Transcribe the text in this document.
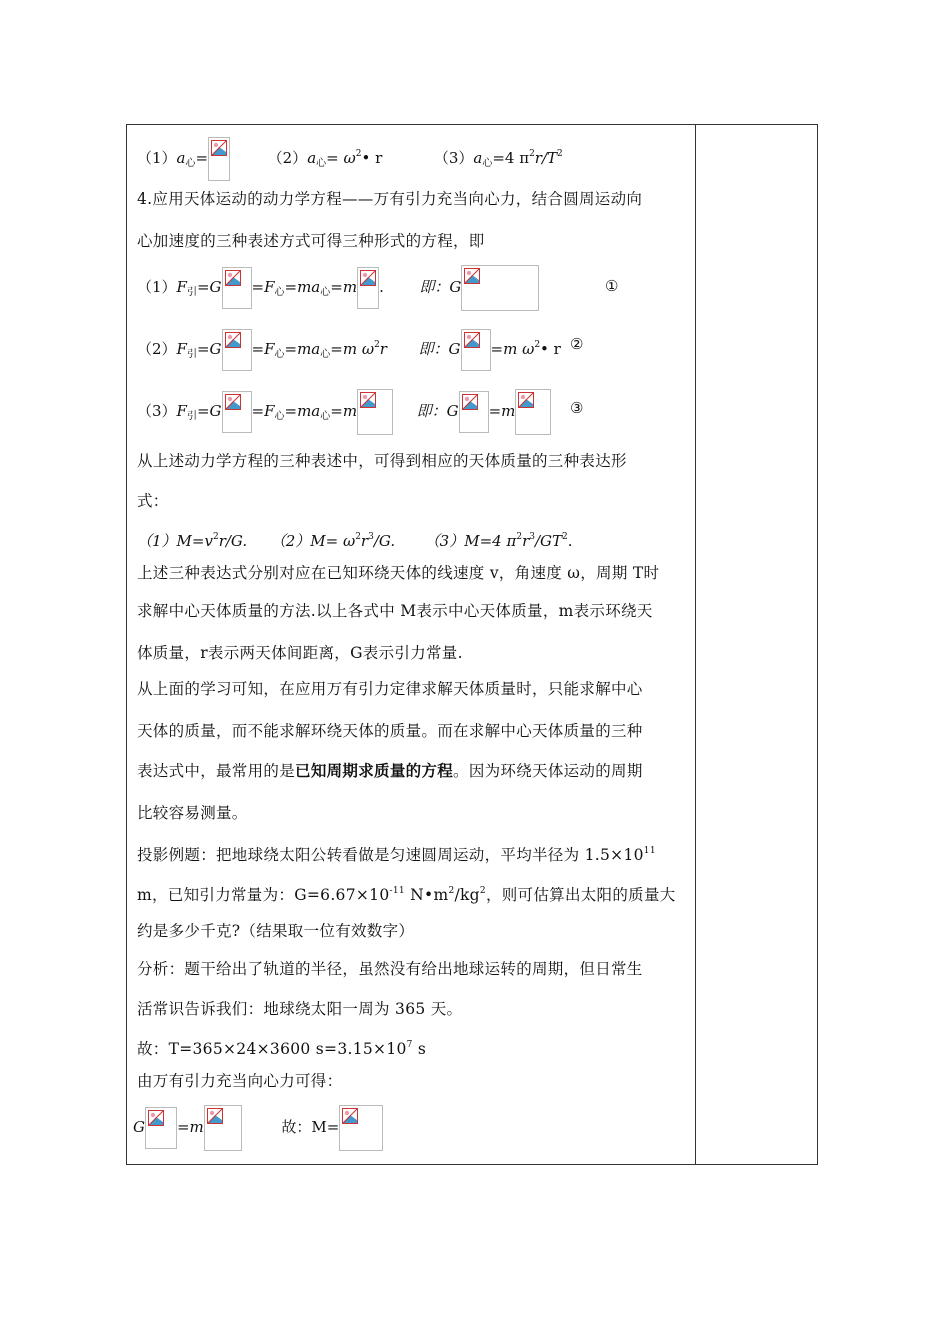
$(1)a_心=$	$(2)a_心=$ $\omega^2•$ r	$(3)a_心=4$ $\pi^2r/T^2$
4.应用天体运动的动力学方程——万有引力充当向心力，结合圆周运动向
心加速度的三种表述方式可得三种形式的方程，即
$(1)F_引=G =F_心=ma_心=m$ . 即：G	①
$(2)F_引=G =F_心=ma_心=m$ $\omega^2r$ 即：G =m $\omega^2•$ r ②
$(3)F_引=G =F_心=ma_心=m$	即：G =m	③
从上述动力学方程的三种表述中，可得到相应的天体质量的三种表达形
式：
$(1)M=v^2r/G$. $(2)M= \omega^2r^3/G$. （3）M=4 $\pi^2r^3/GT^2$.
上述三种表达式分别对应在已知环绕天体的线速度 v，角速度 ω，周期 T时
求解中心天体质量的方法.以上各式中 M表示中心天体质量，m表示环绕天
体质量，r表示两天体间距离，G表示引力常量.
从上面的学习可知，在应用万有引力定律求解天体质量时，只能求解中心
天体的质量，而不能求解环绕天体的质量。而在求解中心天体质量的三种
表达式中，最常用的是已知周期求质量的方程。因为环绕天体运动的周期
比较容易测量。
投影例题：把地球绕太阳公转看做是匀速圆周运动，平均半径为 $1.5\times 10^{11}$
m，已知引力常量为：$G=6.67\times 10^{-11}$ $N•m^2/kg^2$，则可估算出太阳的质量大
约是多少千克?（结果取一位有效数字）
分析：题干给出了轨道的半径，虽然没有给出地球运转的周期，但日常生
活常识告诉我们：地球绕太阳一周为 365 天。
故：T=365×24×3600 $s=3.15\times 10^7$ s
由万有引力充当向心力可得：
G =m	故：M=
